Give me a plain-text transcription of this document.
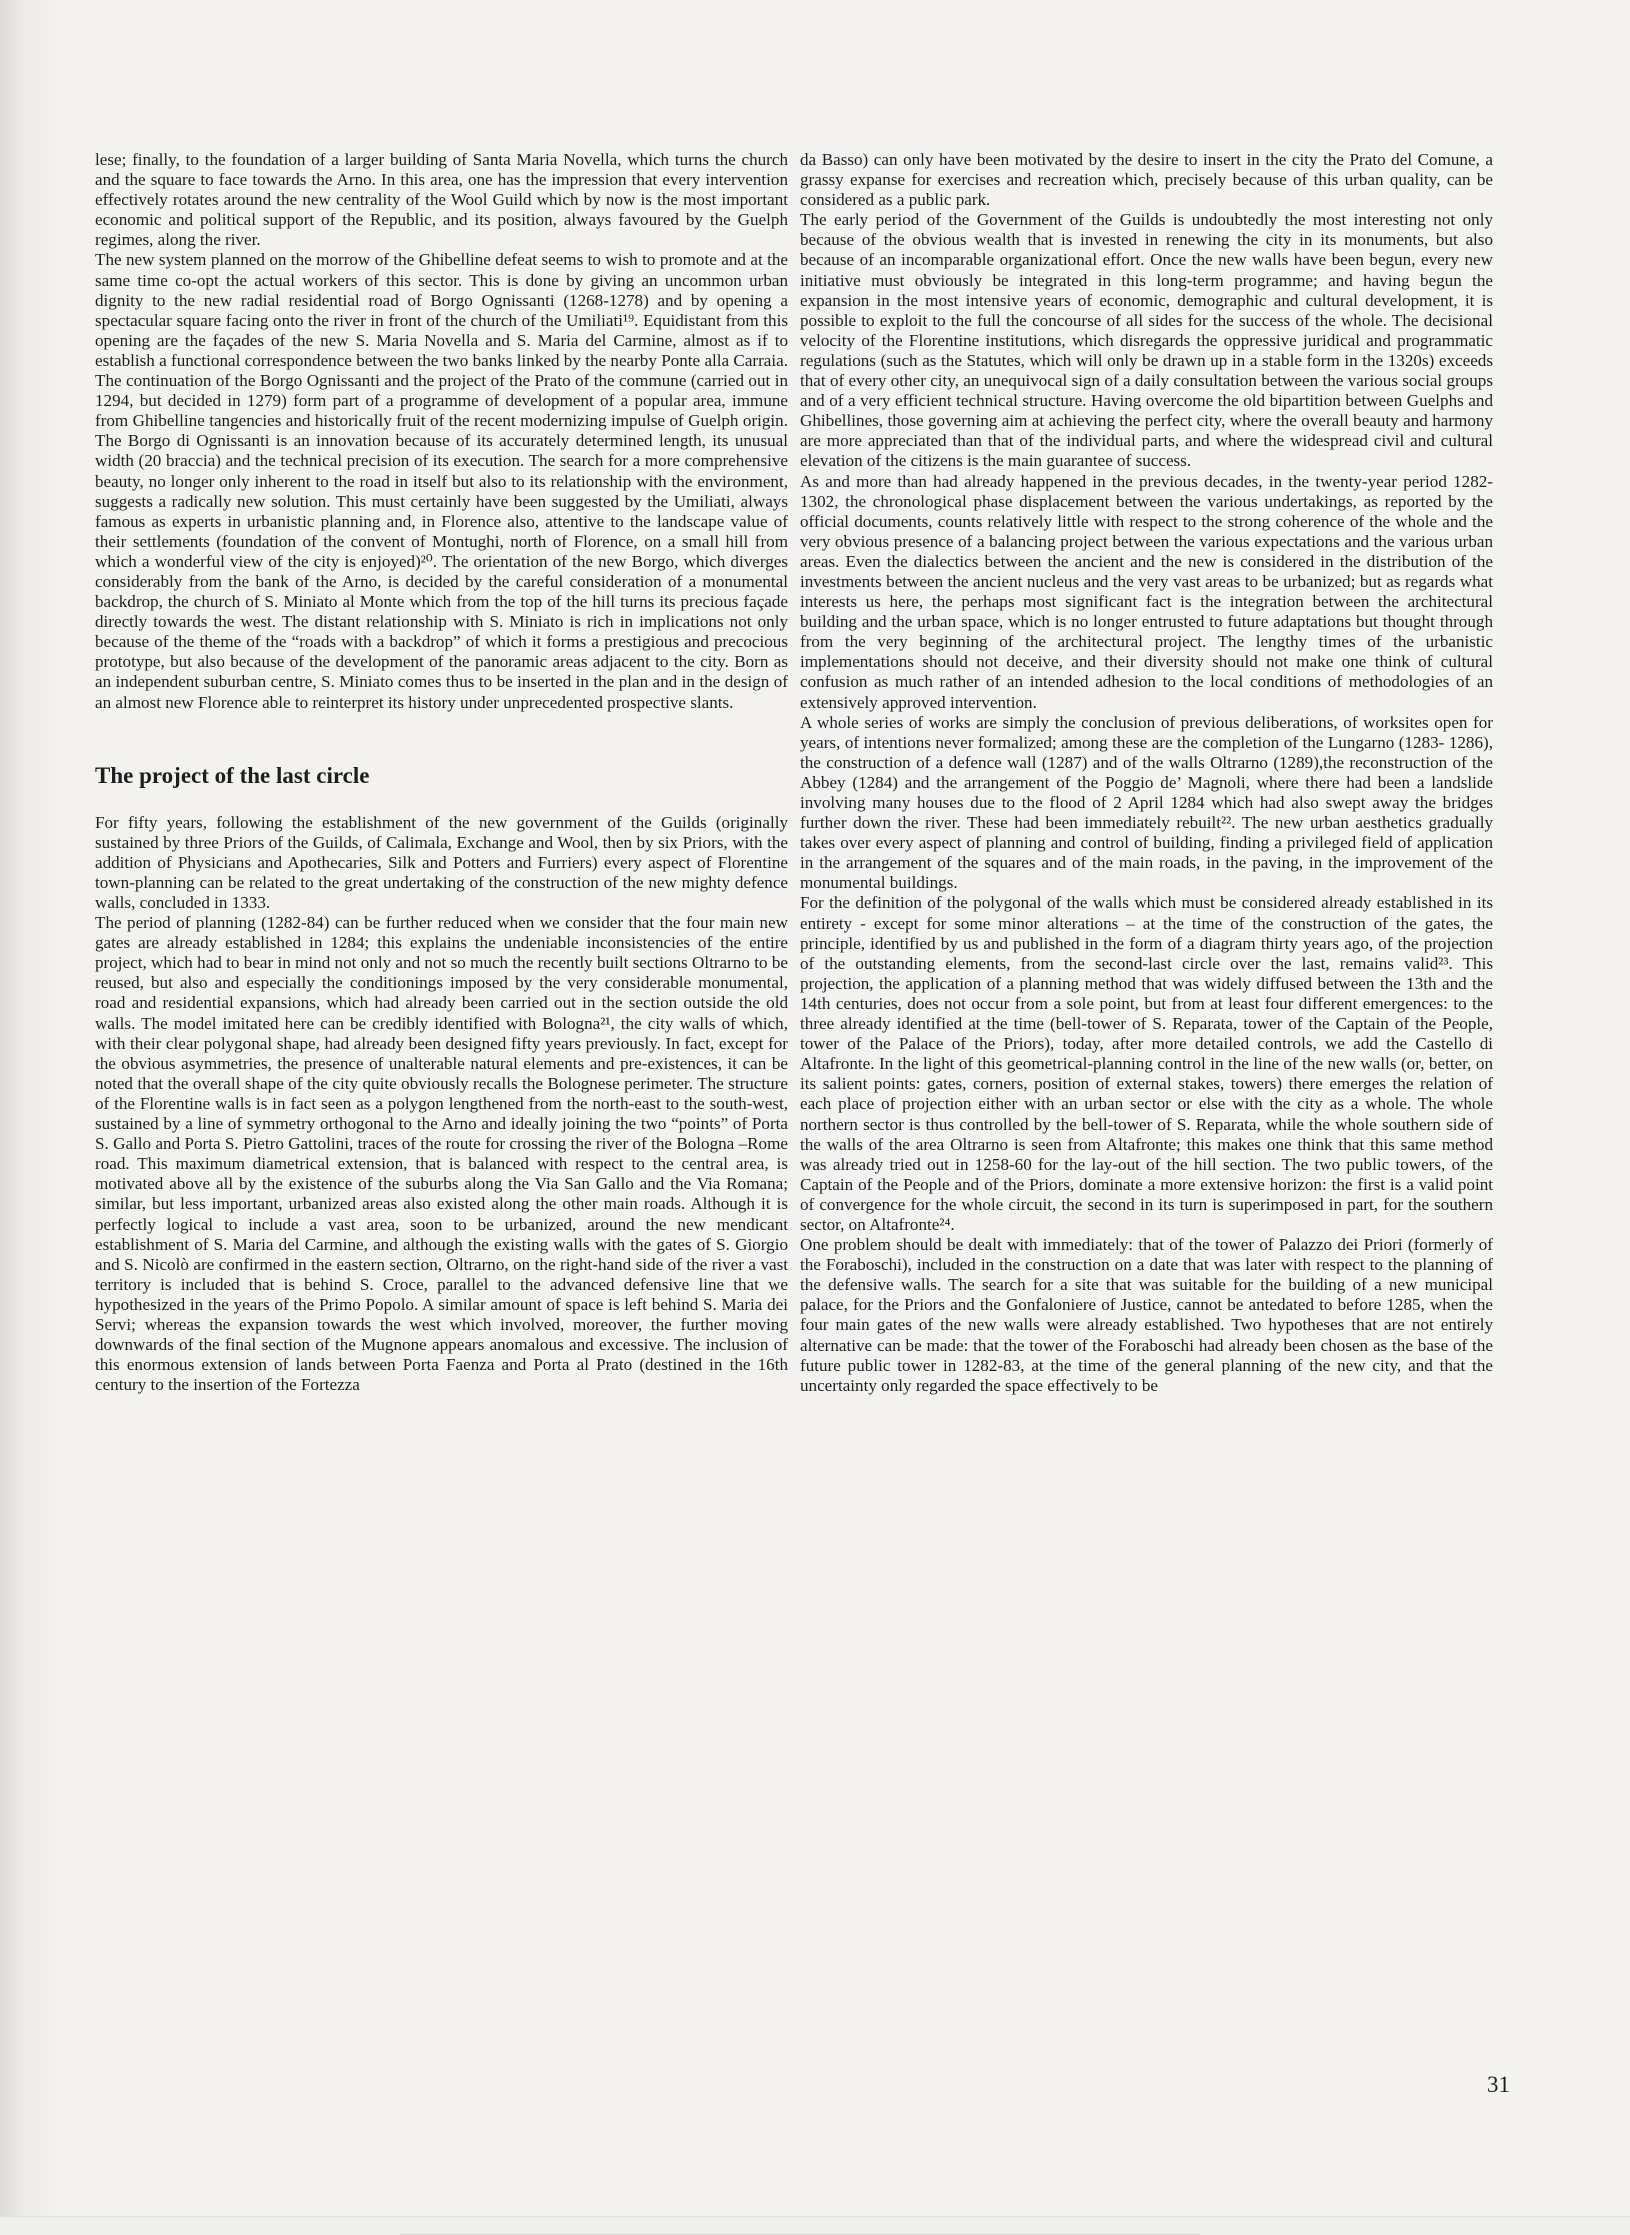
lese; finally, to the foundation of a larger building of Santa Maria Novella, which turns the church and the square to face towards the Arno. In this area, one has the impression that every intervention effectively rotates around the new centrality of the Wool Guild which by now is the most important economic and political support of the Republic, and its position, always favoured by the Guelph regimes, along the river.

The new system planned on the morrow of the Ghibelline defeat seems to wish to promote and at the same time co-opt the actual workers of this sector. This is done by giving an uncommon urban dignity to the new radial residential road of Borgo Ognissanti (1268-1278) and by opening a spectacular square facing onto the river in front of the church of the Umiliati¹⁹. Equidistant from this opening are the façades of the new S. Maria Novella and S. Maria del Carmine, almost as if to establish a functional correspondence between the two banks linked by the nearby Ponte alla Carraia. The continuation of the Borgo Ognissanti and the project of the Prato of the commune (carried out in 1294, but decided in 1279) form part of a programme of development of a popular area, immune from Ghibelline tangencies and historically fruit of the recent modernizing impulse of Guelph origin. The Borgo di Ognissanti is an innovation because of its accurately determined length, its unusual width (20 braccia) and the technical precision of its execution. The search for a more comprehensive beauty, no longer only inherent to the road in itself but also to its relationship with the environment, suggests a radically new solution. This must certainly have been suggested by the Umiliati, always famous as experts in urbanistic planning and, in Florence also, attentive to the landscape value of their settlements (foundation of the convent of Montughi, north of Florence, on a small hill from which a wonderful view of the city is enjoyed)²⁰. The orientation of the new Borgo, which diverges considerably from the bank of the Arno, is decided by the careful consideration of a monumental backdrop, the church of S. Miniato al Monte which from the top of the hill turns its precious façade directly towards the west. The distant relationship with S. Miniato is rich in implications not only because of the theme of the “roads with a backdrop” of which it forms a prestigious and precocious prototype, but also because of the development of the panoramic areas adjacent to the city. Born as an independent suburban centre, S. Miniato comes thus to be inserted in the plan and in the design of an almost new Florence able to reinterpret its history under unprecedented prospective slants.

The project of the last circle

For fifty years, following the establishment of the new government of the Guilds (originally sustained by three Priors of the Guilds, of Calimala, Exchange and Wool, then by six Priors, with the addition of Physicians and Apothecaries, Silk and Potters and Furriers) every aspect of Florentine town-planning can be related to the great undertaking of the construction of the new mighty defence walls, concluded in 1333.

The period of planning (1282-84) can be further reduced when we consider that the four main new gates are already established in 1284; this explains the undeniable inconsistencies of the entire project, which had to bear in mind not only and not so much the recently built sections Oltrarno to be reused, but also and especially the conditionings imposed by the very considerable monumental, road and residential expansions, which had already been carried out in the section outside the old walls. The model imitated here can be credibly identified with Bologna²¹, the city walls of which, with their clear polygonal shape, had already been designed fifty years previously. In fact, except for the obvious asymmetries, the presence of unalterable natural elements and pre-existences, it can be noted that the overall shape of the city quite obviously recalls the Bolognese perimeter. The structure of the Florentine walls is in fact seen as a polygon lengthened from the north-east to the south-west, sustained by a line of symmetry orthogonal to the Arno and ideally joining the two “points” of Porta S. Gallo and Porta S. Pietro Gattolini, traces of the route for crossing the river of the Bologna –Rome road. This maximum diametrical extension, that is balanced with respect to the central area, is motivated above all by the existence of the suburbs along the Via San Gallo and the Via Romana; similar, but less important, urbanized areas also existed along the other main roads. Although it is perfectly logical to include a vast area, soon to be urbanized, around the new mendicant establishment of S. Maria del Carmine, and although the existing walls with the gates of S. Giorgio and S. Nicolò are confirmed in the eastern section, Oltrarno, on the right-hand side of the river a vast territory is included that is behind S. Croce, parallel to the advanced defensive line that we hypothesized in the years of the Primo Popolo. A similar amount of space is left behind S. Maria dei Servi; whereas the expansion towards the west which involved, moreover, the further moving downwards of the final section of the Mugnone appears anomalous and excessive. The inclusion of this enormous extension of lands between Porta Faenza and Porta al Prato (destined in the 16th century to the insertion of the Fortezza

da Basso) can only have been motivated by the desire to insert in the city the Prato del Comune, a grassy expanse for exercises and recreation which, precisely because of this urban quality, can be considered as a public park.

The early period of the Government of the Guilds is undoubtedly the most interesting not only because of the obvious wealth that is invested in renewing the city in its monuments, but also because of an incomparable organizational effort. Once the new walls have been begun, every new initiative must obviously be integrated in this long-term programme; and having begun the expansion in the most intensive years of economic, demographic and cultural development, it is possible to exploit to the full the concourse of all sides for the success of the whole. The decisional velocity of the Florentine institutions, which disregards the oppressive juridical and programmatic regulations (such as the Statutes, which will only be drawn up in a stable form in the 1320s) exceeds that of every other city, an unequivocal sign of a daily consultation between the various social groups and of a very efficient technical structure. Having overcome the old bipartition between Guelphs and Ghibellines, those governing aim at achieving the perfect city, where the overall beauty and harmony are more appreciated than that of the individual parts, and where the widespread civil and cultural elevation of the citizens is the main guarantee of success.

As and more than had already happened in the previous decades, in the twenty-year period 1282-1302, the chronological phase displacement between the various undertakings, as reported by the official documents, counts relatively little with respect to the strong coherence of the whole and the very obvious presence of a balancing project between the various expectations and the various urban areas. Even the dialectics between the ancient and the new is considered in the distribution of the investments between the ancient nucleus and the very vast areas to be urbanized; but as regards what interests us here, the perhaps most significant fact is the integration between the architectural building and the urban space, which is no longer entrusted to future adaptations but thought through from the very beginning of the architectural project. The lengthy times of the urbanistic implementations should not deceive, and their diversity should not make one think of cultural confusion as much rather of an intended adhesion to the local conditions of methodologies of an extensively approved intervention.

A whole series of works are simply the conclusion of previous deliberations, of worksites open for years, of intentions never formalized; among these are the completion of the Lungarno (1283- 1286), the construction of a defence wall (1287) and of the walls Oltrarno (1289),the reconstruction of the Abbey (1284) and the arrangement of the Poggio de’ Magnoli, where there had been a landslide involving many houses due to the flood of 2 April 1284 which had also swept away the bridges further down the river. These had been immediately rebuilt²². The new urban aesthetics gradually takes over every aspect of planning and control of building, finding a privileged field of application in the arrangement of the squares and of the main roads, in the paving, in the improvement of the monumental buildings.

For the definition of the polygonal of the walls which must be considered already established in its entirety - except for some minor alterations – at the time of the construction of the gates, the principle, identified by us and published in the form of a diagram thirty years ago, of the projection of the outstanding elements, from the second-last circle over the last, remains valid²³. This projection, the application of a planning method that was widely diffused between the 13th and the 14th centuries, does not occur from a sole point, but from at least four different emergences: to the three already identified at the time (bell-tower of S. Reparata, tower of the Captain of the People, tower of the Palace of the Priors), today, after more detailed controls, we add the Castello di Altafronte. In the light of this geometrical-planning control in the line of the new walls (or, better, on its salient points: gates, corners, position of external stakes, towers) there emerges the relation of each place of projection either with an urban sector or else with the city as a whole. The whole northern sector is thus controlled by the bell-tower of S. Reparata, while the whole southern side of the walls of the area Oltrarno is seen from Altafronte; this makes one think that this same method was already tried out in 1258-60 for the lay-out of the hill section. The two public towers, of the Captain of the People and of the Priors, dominate a more extensive horizon: the first is a valid point of convergence for the whole circuit, the second in its turn is superimposed in part, for the southern sector, on Altafronte²⁴.

One problem should be dealt with immediately: that of the tower of Palazzo dei Priori (formerly of the Foraboschi), included in the construction on a date that was later with respect to the planning of the defensive walls. The search for a site that was suitable for the building of a new municipal palace, for the Priors and the Gonfaloniere of Justice, cannot be antedated to before 1285, when the four main gates of the new walls were already established. Two hypotheses that are not entirely alternative can be made: that the tower of the Foraboschi had already been chosen as the base of the future public tower in 1282-83, at the time of the general planning of the new city, and that the uncertainty only regarded the space effectively to be

31
